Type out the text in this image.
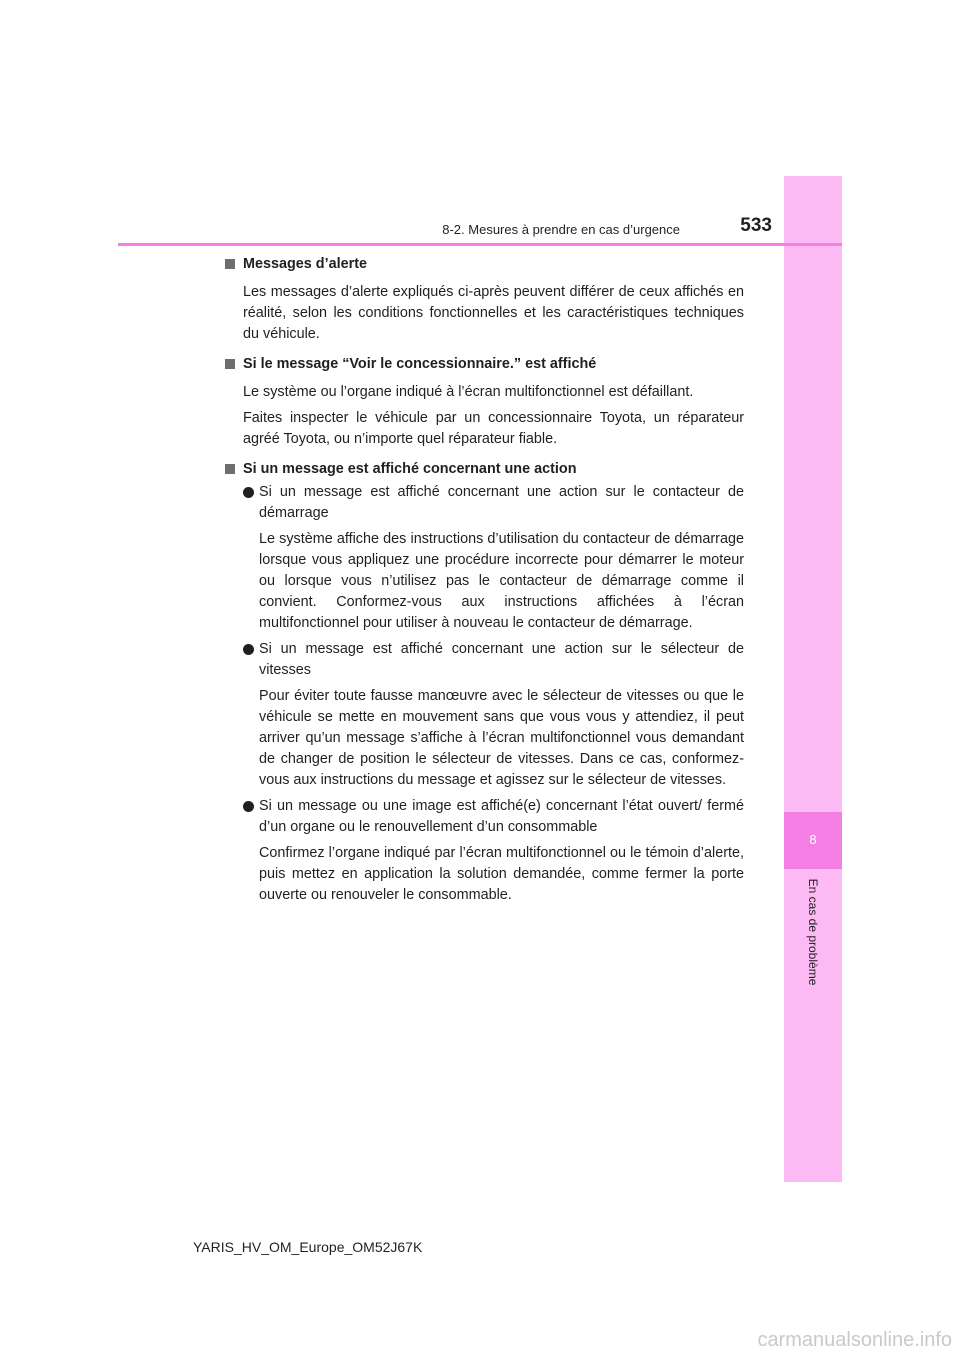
8
En cas de problème
8-2. Mesures à prendre en cas d’urgence	533
Messages d’alerte

Les messages d’alerte expliqués ci-après peuvent différer de ceux affichés en réalité, selon les conditions fonctionnelles et les caractéristiques techniques du véhicule.

Si le message “Voir le concessionnaire.” est affiché

Le système ou l’organe indiqué à l’écran multifonctionnel est défaillant.

Faites inspecter le véhicule par un concessionnaire Toyota, un réparateur agréé Toyota, ou n’importe quel réparateur fiable.

Si un message est affiché concernant une action
Si un message est affiché concernant une action sur le contacteur de démarrage

Le système affiche des instructions d’utilisation du contacteur de démarrage lorsque vous appliquez une procédure incorrecte pour démarrer le moteur ou lorsque vous n’utilisez pas le contacteur de démarrage comme il convient. Conformez-vous aux instructions affichées à l’écran multifonctionnel pour utiliser à nouveau le contacteur de démarrage.

Si un message est affiché concernant une action sur le sélecteur de vitesses

Pour éviter toute fausse manœuvre avec le sélecteur de vitesses ou que le véhicule se mette en mouvement sans que vous vous y attendiez, il peut arriver qu’un message s’affiche à l’écran multifonctionnel vous demandant de changer de position le sélecteur de vitesses. Dans ce cas, conformez-vous aux instructions du message et agissez sur le sélecteur de vitesses.

Si un message ou une image est affiché(e) concernant l’état ouvert/ fermé d’un organe ou le renouvellement d’un consommable

Confirmez l’organe indiqué par l’écran multifonctionnel ou le témoin d’alerte, puis mettez en application la solution demandée, comme fermer la porte ouverte ou renouveler le consommable.

YARIS_HV_OM_Europe_OM52J67K
carmanualsonline.info
